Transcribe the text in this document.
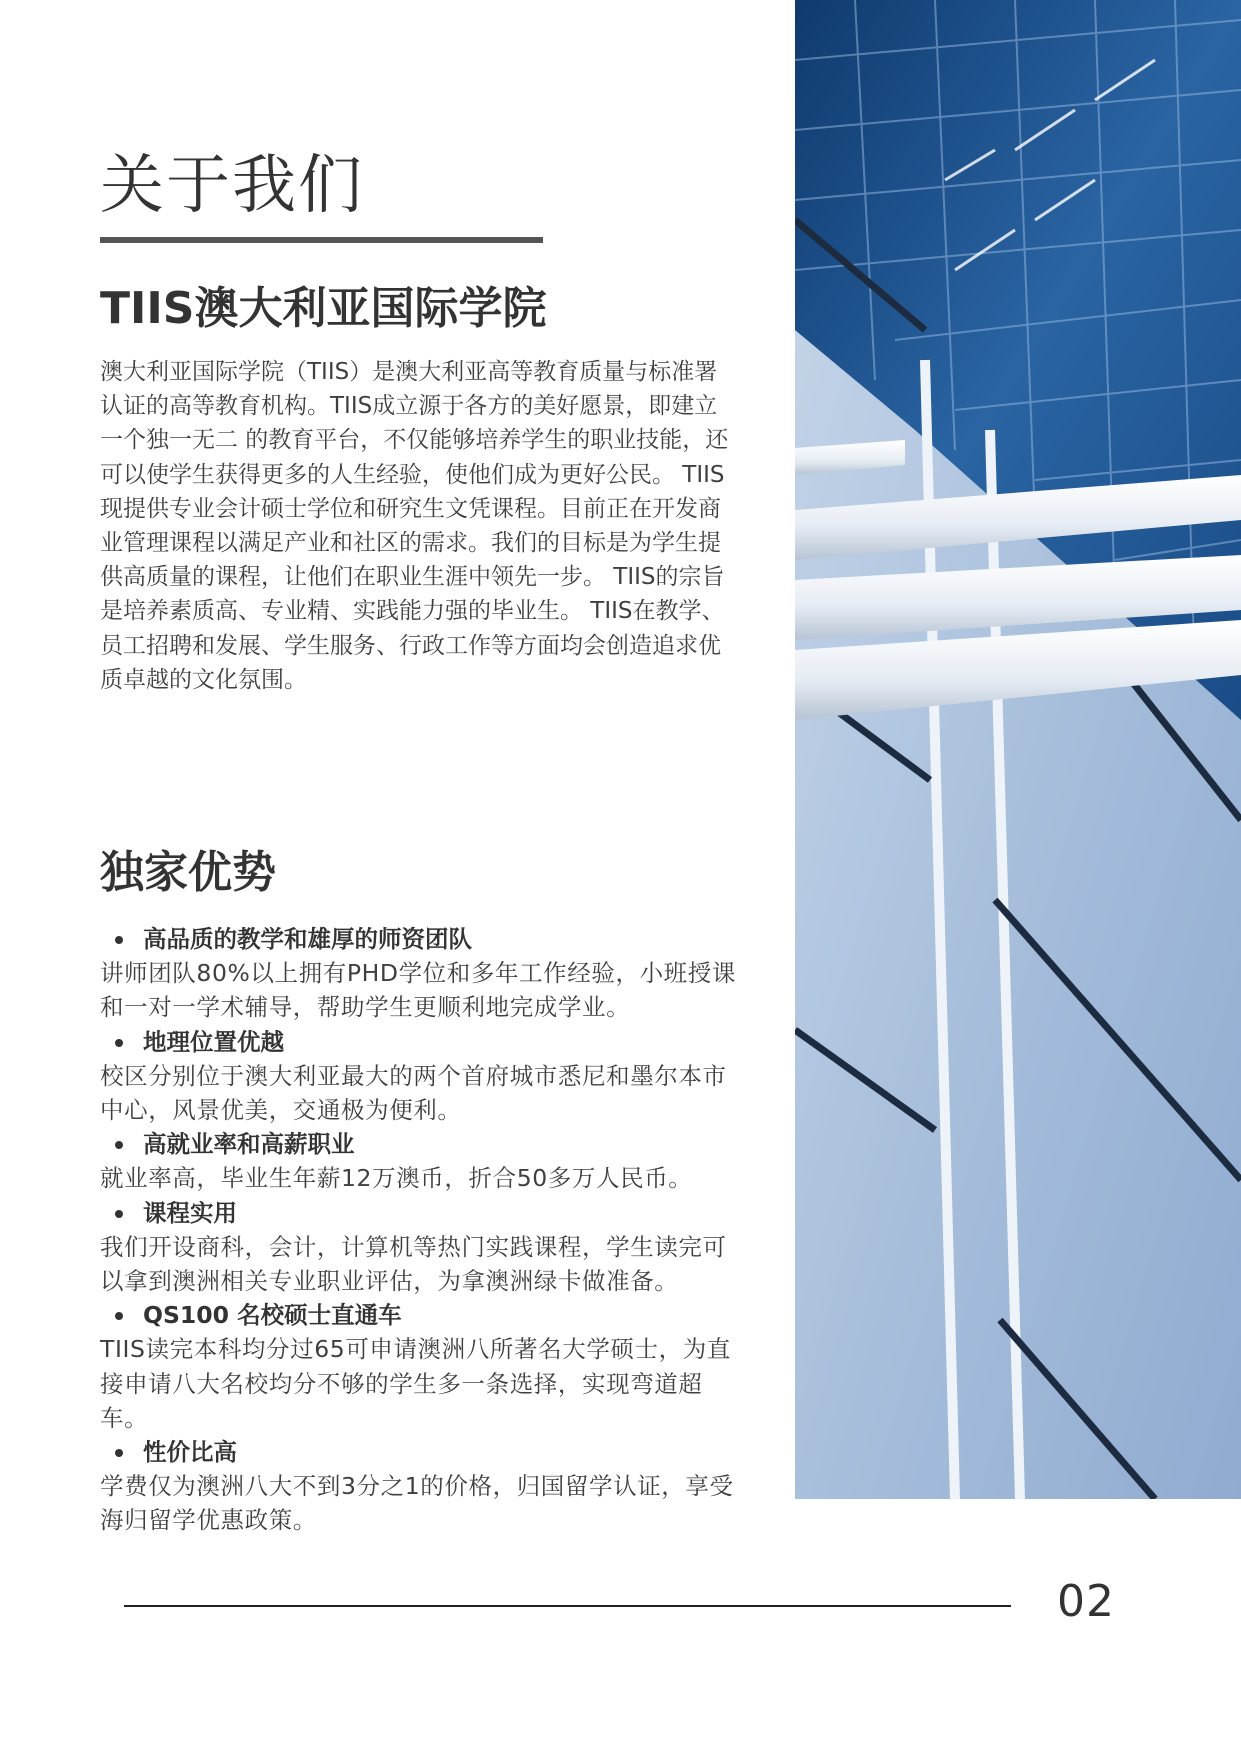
关于我们
TIIS澳大利亚国际学院

澳大利亚国际学院（TIIS）是澳大利亚高等教育质量与标准署认证的高等教育机构。TIIS成立源于各方的美好愿景，即建立一个独一无二 的教育平台，不仅能够培养学生的职业技能，还可以使学生获得更多的人生经验，使他们成为更好公民。 TIIS现提供专业会计硕士学位和研究生文凭课程。目前正在开发商业管理课程以满足产业和社区的需求。我们的目标是为学生提供高质量的课程，让他们在职业生涯中领先一步。 TIIS的宗旨是培养素质高、专业精、实践能力强的毕业生。 TIIS在教学、员工招聘和发展、学生服务、行政工作等方面均会创造追求优质卓越的文化氛围。

独家优势
高品质的教学和雄厚的师资团队
讲师团队80%以上拥有PHD学位和多年工作经验，小班授课和一对一学术辅导，帮助学生更顺利地完成学业。
地理位置优越
校区分别位于澳大利亚最大的两个首府城市悉尼和墨尔本市中心，风景优美，交通极为便利。
高就业率和高薪职业
就业率高，毕业生年薪12万澳币，折合50多万人民币。
课程实用
我们开设商科，会计，计算机等热门实践课程，学生读完可以拿到澳洲相关专业职业评估，为拿澳洲绿卡做准备。
QS100 名校硕士直通车
TIIS读完本科均分过65可申请澳洲八所著名大学硕士，为直接申请八大名校均分不够的学生多一条选择，实现弯道超车。
性价比高
学费仅为澳洲八大不到3分之1的价格，归国留学认证，享受海归留学优惠政策。
02
